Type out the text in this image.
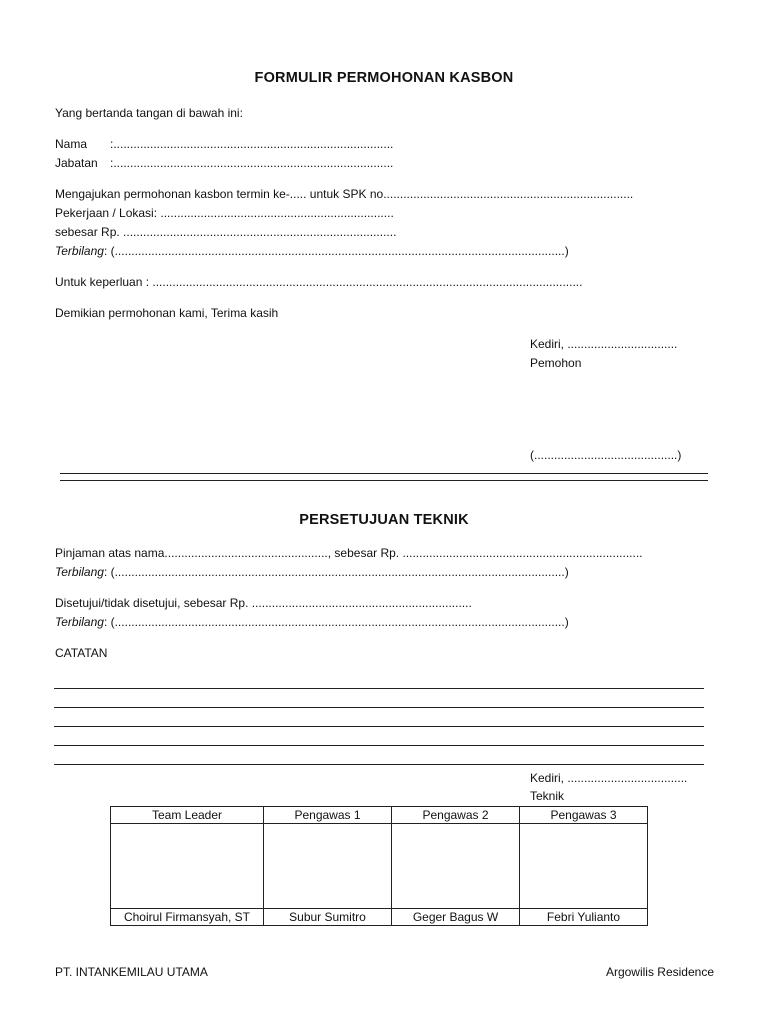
FORMULIR PERMOHONAN KASBON
Yang bertanda tangan di bawah ini:
Nama :....................................................................................
Jabatan :....................................................................................
Mengajukan permohonan kasbon termin ke-..... untuk SPK no...........................................................................
Pekerjaan / Lokasi: ......................................................................
sebesar Rp. ..................................................................................
Terbilang: (.......................................................................................................................................)
Untuk keperluan : .................................................................................................................................
Demikian permohonan kami, Terima kasih
Kediri, .................................
Pemohon
(...........................................)
PERSETUJUAN TEKNIK
Pinjaman atas nama................................................., sebesar Rp. ........................................................................
Terbilang: (.......................................................................................................................................)
Disetujui/tidak disetujui, sebesar Rp. ..................................................................
Terbilang: (.......................................................................................................................................)
CATATAN
Kediri, ....................................
Teknik
Team Leader	Pengawas 1	Pengawas 2	Pengawas 3

Choirul Firmansyah, ST	Subur Sumitro	Geger Bagus W	Febri Yulianto
PT. INTANKEMILAU UTAMA	Argowilis Residence
